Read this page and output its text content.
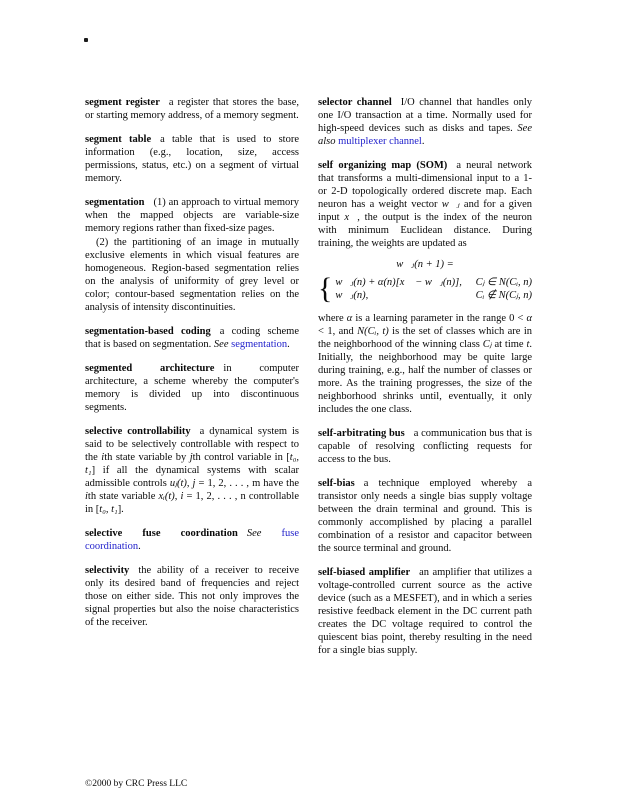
segment register a register that stores the base, or starting memory address, of a memory segment.

segment table a table that is used to store information (e.g., location, size, access permissions, status, etc.) on a segment of virtual memory.

segmentation (1) an approach to virtual memory when the mapped objects are variable-size memory regions rather than fixed-size pages.

(2) the partitioning of an image in mutually exclusive elements in which visual features are homogeneous. Region-based segmentation relies on the analysis of uniformity of grey level or color; contour-based segmentation relies on the analysis of intensity discontinuities.

segmentation-based coding a coding scheme that is based on segmentation. See segmentation.

segmented architecture in computer architecture, a scheme whereby the computer's memory is divided up into discontinuous segments.

selective controllability a dynamical system is said to be selectively controllable with respect to the ith state variable by jth control variable in [t₀, t₁] if all the dynamical systems with scalar admissible controls uⱼ(t), j = 1, 2, . . . , m have the ith state variable xᵢ(t), i = 1, 2, . . . , n controllable in [t₀, t₁].

selective fuse coordination See fuse coordination.

selectivity the ability of a receiver to receive only its desired band of frequencies and reject those on either side. This not only improves the signal properties but also the noise characteristics of the receiver.

selector channel I/O channel that handles only one I/O transaction at a time. Normally used for high-speed devices such as disks and tapes. See also multiplexer channel.

self organizing map (SOM) a neural network that transforms a multi-dimensional input to a 1- or 2-D topologically ordered discrete map. Each neuron has a weight vector w⃗ⱼ and for a given input x⃗, the output is the index of the neuron with minimum Euclidean distance. During training, the weights are updated as

w⃗ⱼ(n + 1) =
{ w⃗ⱼ(n) + α(n)[x⃗ − w⃗ⱼ(n)], Cⱼ ∈ N(Cᵢ, n)
w⃗ⱼ(n),	Cᵢ ∉ N(Cⱼ, n)

where α is a learning parameter in the range 0 < α < 1, and N(Cᵢ, t) is the set of classes which are in the neighborhood of the winning class Cⱼ at time t. Initially, the neighborhood may be quite large during training, e.g., half the number of classes or more. As the training progresses, the size of the neighborhood shrinks until, eventually, it only includes the one class.

self-arbitrating bus a communication bus that is capable of resolving conflicting requests for access to the bus.

self-bias a technique employed whereby a transistor only needs a single bias supply voltage between the drain terminal and ground. This is commonly accomplished by placing a parallel combination of a resistor and capacitor between the source terminal and ground.

self-biased amplifier an amplifier that utilizes a voltage-controlled current source as the active device (such as a MESFET), and in which a series resistive feedback element in the DC current path creates the DC voltage required to control the quiescent bias point, thereby resulting in the need for a single bias supply.

©2000 by CRC Press LLC
